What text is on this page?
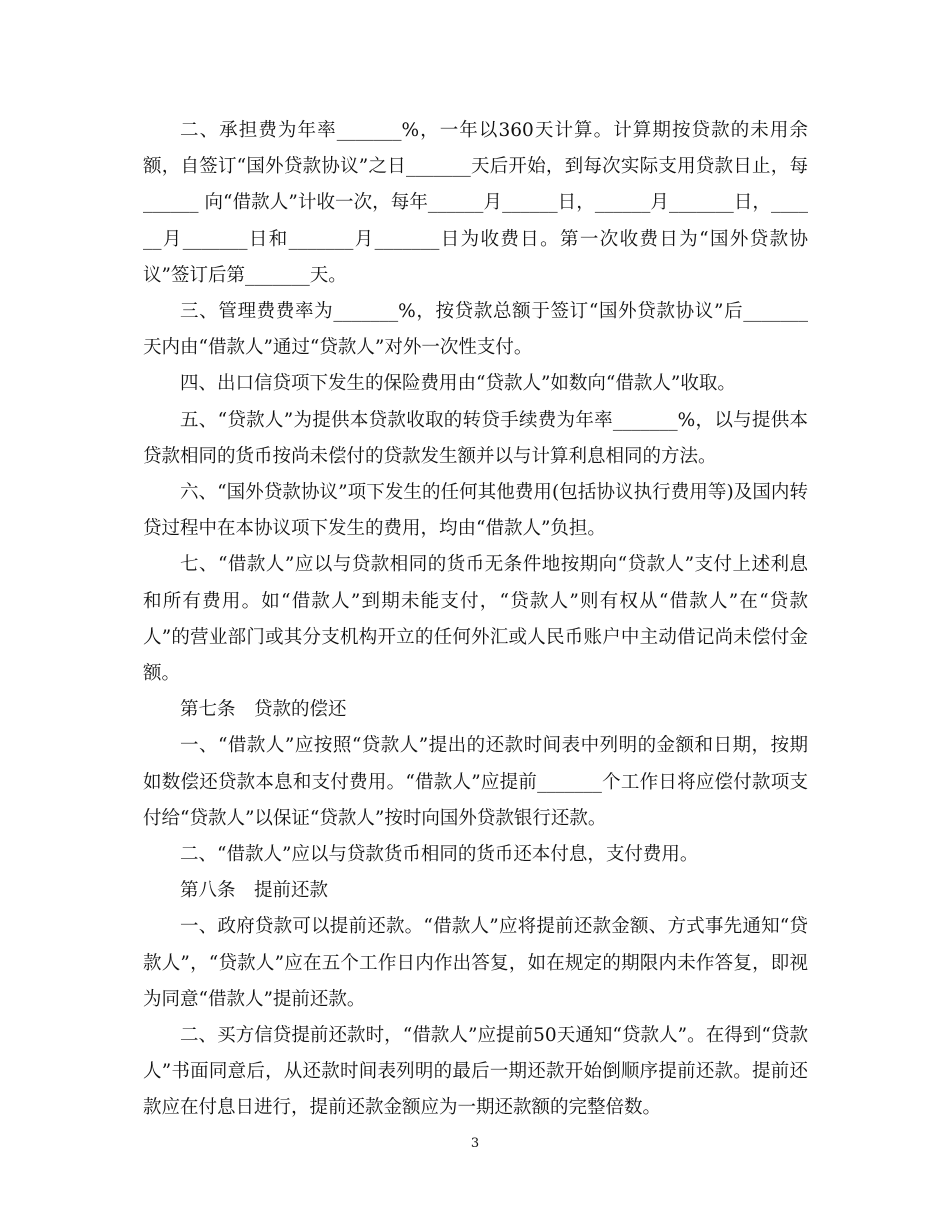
二、承担费为年率_______%，一年以360天计算。计算期按贷款的未用余额，自签订“国外贷款协议”之日_______天后开始，到每次实际支用贷款日止，每______ 向“借款人”计收一次，每年______月______日，______月_______日，______月_______日和_______月_______日为收费日。第一次收费日为“国外贷款协议”签订后第_______天。

三、管理费费率为_______%，按贷款总额于签订“国外贷款协议”后_______天内由“借款人”通过“贷款人”对外一次性支付。

四、出口信贷项下发生的保险费用由“贷款人”如数向“借款人”收取。

五、“贷款人”为提供本贷款收取的转贷手续费为年率_______%，以与提供本贷款相同的货币按尚未偿付的贷款发生额并以与计算利息相同的方法。

六、“国外贷款协议”项下发生的任何其他费用(包括协议执行费用等)及国内转贷过程中在本协议项下发生的费用，均由“借款人”负担。

七、“借款人”应以与贷款相同的货币无条件地按期向“贷款人”支付上述利息和所有费用。如“借款人”到期未能支付，“贷款人”则有权从“借款人”在“贷款人”的营业部门或其分支机构开立的任何外汇或人民币账户中主动借记尚未偿付金额。

第七条　贷款的偿还

一、“借款人”应按照“贷款人”提出的还款时间表中列明的金额和日期，按期如数偿还贷款本息和支付费用。“借款人”应提前_______个工作日将应偿付款项支付给“贷款人”以保证“贷款人”按时向国外贷款银行还款。

二、“借款人”应以与贷款货币相同的货币还本付息，支付费用。

第八条　提前还款

一、政府贷款可以提前还款。“借款人”应将提前还款金额、方式事先通知“贷款人”，“贷款人”应在五个工作日内作出答复，如在规定的期限内未作答复，即视为同意“借款人”提前还款。

二、买方信贷提前还款时，“借款人”应提前50天通知“贷款人”。在得到“贷款人”书面同意后，从还款时间表列明的最后一期还款开始倒顺序提前还款。提前还款应在付息日进行，提前还款金额应为一期还款额的完整倍数。

3
